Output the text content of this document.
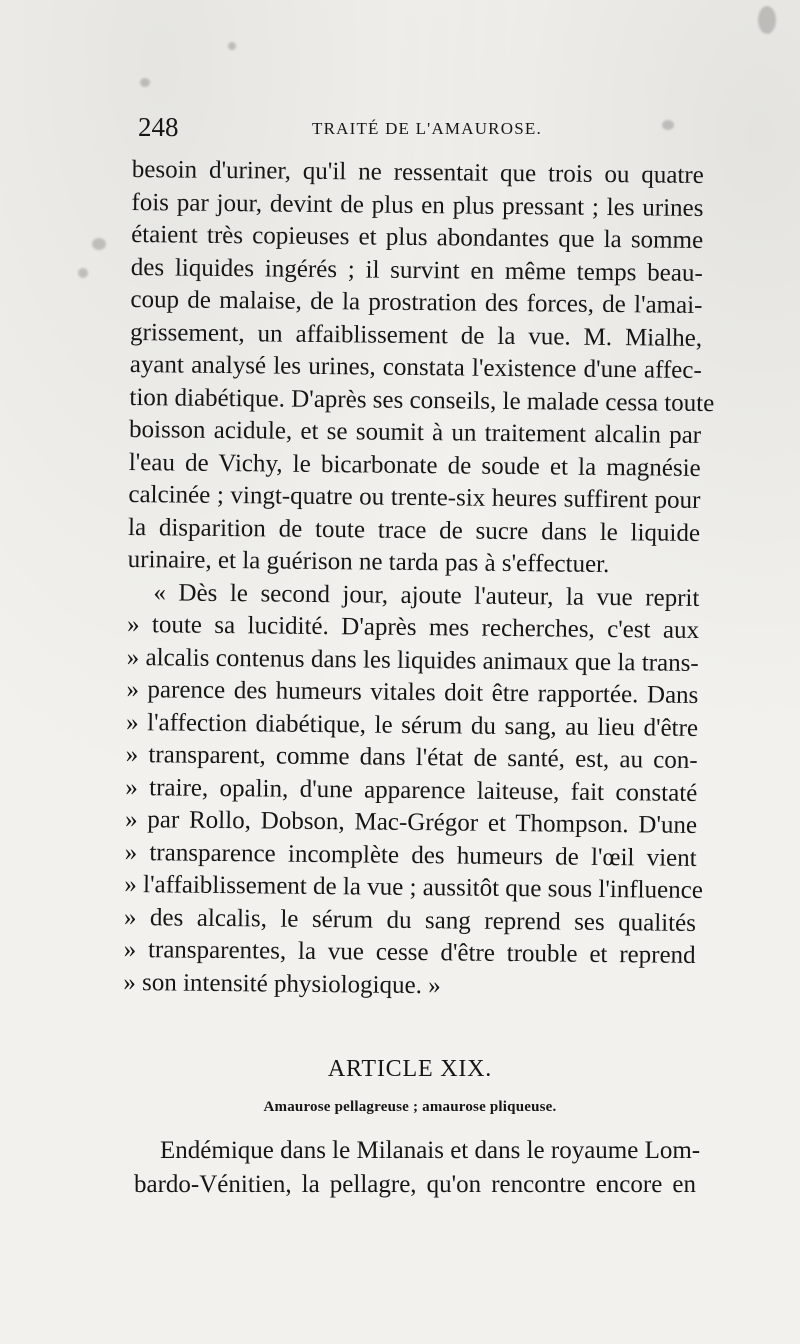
248	TRAITÉ DE L'AMAUROSE.
besoin d'uriner, qu'il ne ressentait que trois ou quatre
fois par jour, devint de plus en plus pressant ; les urines
étaient très copieuses et plus abondantes que la somme
des liquides ingérés ; il survint en même temps beau-
coup de malaise, de la prostration des forces, de l'amai-
grissement, un affaiblissement de la vue. M. Mialhe,
ayant analysé les urines, constata l'existence d'une affec-
tion diabétique. D'après ses conseils, le malade cessa toute
boisson acidule, et se soumit à un traitement alcalin par
l'eau de Vichy, le bicarbonate de soude et la magnésie
calcinée ; vingt-quatre ou trente-six heures suffirent pour
la disparition de toute trace de sucre dans le liquide
urinaire, et la guérison ne tarda pas à s'effectuer.
« Dès le second jour, ajoute l'auteur, la vue reprit
» toute sa lucidité. D'après mes recherches, c'est aux
» alcalis contenus dans les liquides animaux que la trans-
» parence des humeurs vitales doit être rapportée. Dans
» l'affection diabétique, le sérum du sang, au lieu d'être
» transparent, comme dans l'état de santé, est, au con-
» traire, opalin, d'une apparence laiteuse, fait constaté
» par Rollo, Dobson, Mac-Grégor et Thompson. D'une
» transparence incomplète des humeurs de l'œil vient
» l'affaiblissement de la vue ; aussitôt que sous l'influence
» des alcalis, le sérum du sang reprend ses qualités
» transparentes, la vue cesse d'être trouble et reprend
» son intensité physiologique. »
ARTICLE XIX.
Amaurose pellagreuse ; amaurose pliqueuse.
Endémique dans le Milanais et dans le royaume Lom-
bardo-Vénitien, la pellagre, qu'on rencontre encore en
